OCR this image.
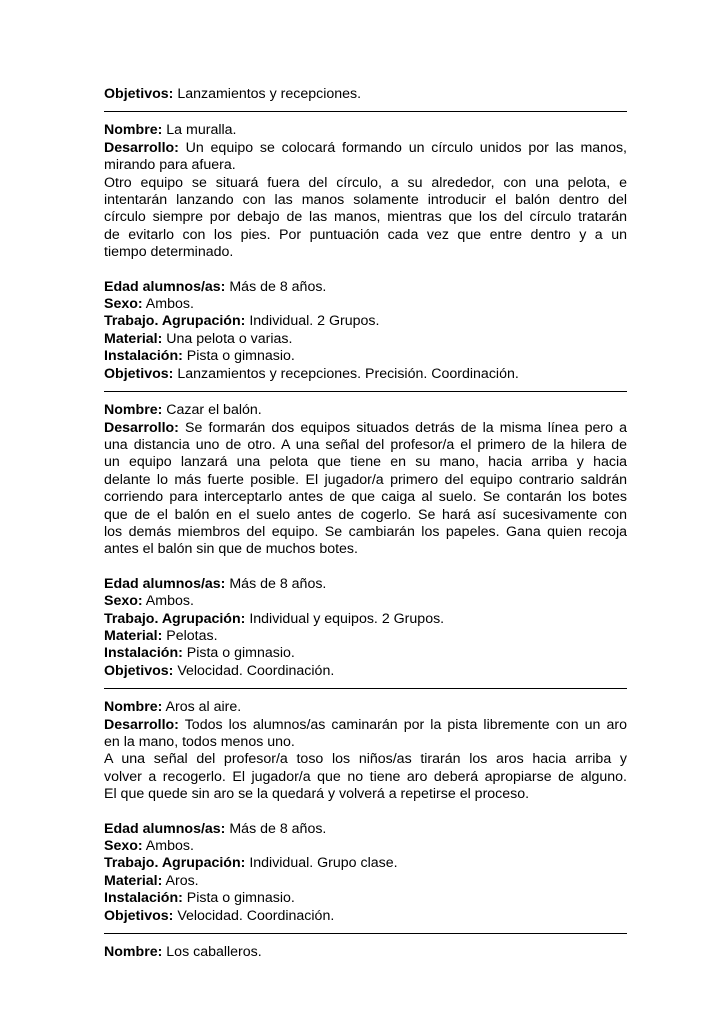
Objetivos: Lanzamientos y recepciones.
Nombre: La muralla.
Desarrollo: Un equipo se colocará formando un círculo unidos por las manos,
mirando para afuera.
Otro equipo se situará fuera del círculo, a su alrededor, con una pelota, e
intentarán lanzando con las manos solamente introducir el balón dentro del
círculo siempre por debajo de las manos, mientras que los del círculo tratarán
de evitarlo con los pies. Por puntuación cada vez que entre dentro y a un
tiempo determinado.
Edad alumnos/as: Más de 8 años.
Sexo: Ambos.
Trabajo. Agrupación: Individual. 2 Grupos.
Material: Una pelota o varias.
Instalación: Pista o gimnasio.
Objetivos: Lanzamientos y recepciones. Precisión. Coordinación.
Nombre: Cazar el balón.
Desarrollo: Se formarán dos equipos situados detrás de la misma línea pero a
una distancia uno de otro. A una señal del profesor/a el primero de la hilera de
un equipo lanzará una pelota que tiene en su mano, hacia arriba y hacia
delante lo más fuerte posible. El jugador/a primero del equipo contrario saldrán
corriendo para interceptarlo antes de que caiga al suelo. Se contarán los botes
que de el balón en el suelo antes de cogerlo. Se hará así sucesivamente con
los demás miembros del equipo. Se cambiarán los papeles. Gana quien recoja
antes el balón sin que de muchos botes.
Edad alumnos/as: Más de 8 años.
Sexo: Ambos.
Trabajo. Agrupación: Individual y equipos. 2 Grupos.
Material: Pelotas.
Instalación: Pista o gimnasio.
Objetivos: Velocidad. Coordinación.
Nombre: Aros al aire.
Desarrollo: Todos los alumnos/as caminarán por la pista libremente con un aro
en la mano, todos menos uno.
A una señal del profesor/a toso los niños/as tirarán los aros hacia arriba y
volver a recogerlo. El jugador/a que no tiene aro deberá apropiarse de alguno.
El que quede sin aro se la quedará y volverá a repetirse el proceso.
Edad alumnos/as: Más de 8 años.
Sexo: Ambos.
Trabajo. Agrupación: Individual. Grupo clase.
Material: Aros.
Instalación: Pista o gimnasio.
Objetivos: Velocidad. Coordinación.
Nombre: Los caballeros.
